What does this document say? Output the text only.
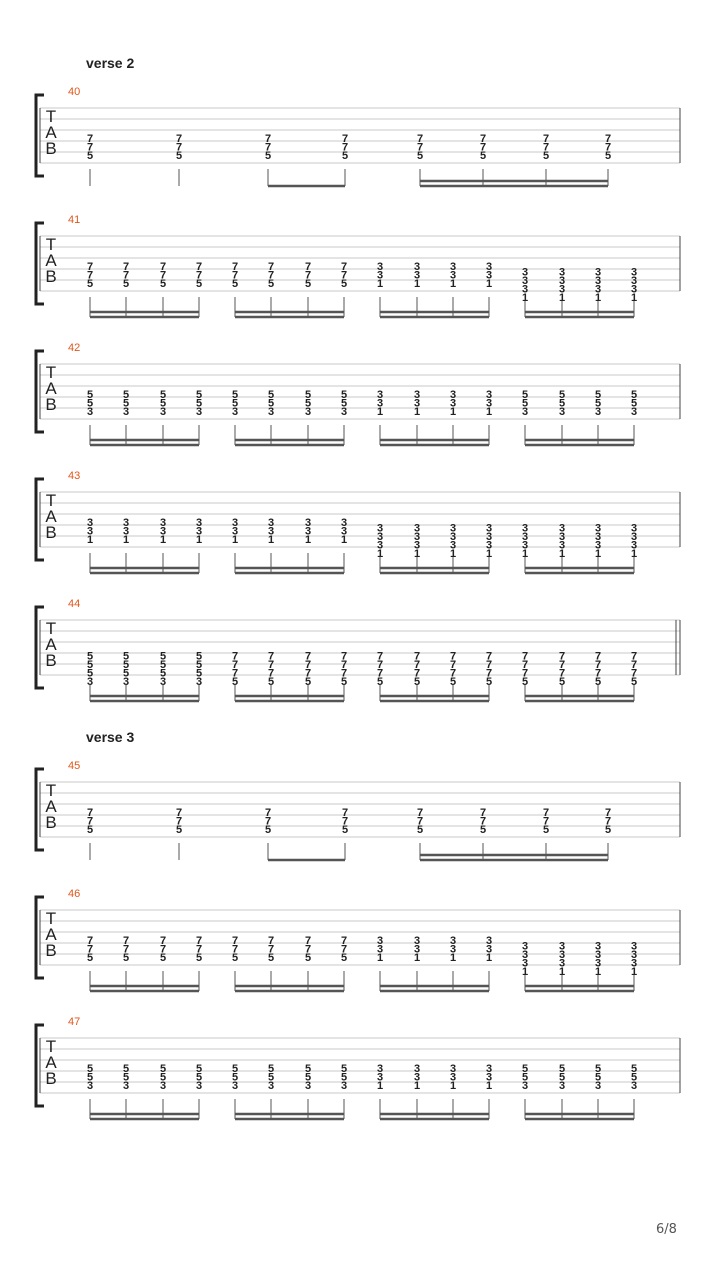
verse 2
verse 3
T
A
B
40
7
7
5
7
7
5
7
7
5
7
7
5
7
7
5
7
7
5
7
7
5
7
7
5
T
A
B
41
7
7
5
7
7
5
7
7
5
7
7
5
7
7
5
7
7
5
7
7
5
7
7
5
3
3
1
3
3
1
3
3
1
3
3
1
3
3
3
1
3
3
3
1
3
3
3
1
3
3
3
1
T
A
B
42
5
5
3
5
5
3
5
5
3
5
5
3
5
5
3
5
5
3
5
5
3
5
5
3
3
3
1
3
3
1
3
3
1
3
3
1
5
5
3
5
5
3
5
5
3
5
5
3
T
A
B
43
3
3
1
3
3
1
3
3
1
3
3
1
3
3
1
3
3
1
3
3
1
3
3
1
3
3
3
1
3
3
3
1
3
3
3
1
3
3
3
1
3
3
3
1
3
3
3
1
3
3
3
1
3
3
3
1
T
A
B
44
5
5
5
3
5
5
5
3
5
5
5
3
5
5
5
3
7
7
7
5
7
7
7
5
7
7
7
5
7
7
7
5
7
7
7
5
7
7
7
5
7
7
7
5
7
7
7
5
7
7
7
5
7
7
7
5
7
7
7
5
7
7
7
5
T
A
B
45
7
7
5
7
7
5
7
7
5
7
7
5
7
7
5
7
7
5
7
7
5
7
7
5
T
A
B
46
7
7
5
7
7
5
7
7
5
7
7
5
7
7
5
7
7
5
7
7
5
7
7
5
3
3
1
3
3
1
3
3
1
3
3
1
3
3
3
1
3
3
3
1
3
3
3
1
3
3
3
1
T
A
B
47
5
5
3
5
5
3
5
5
3
5
5
3
5
5
3
5
5
3
5
5
3
5
5
3
3
3
1
3
3
1
3
3
1
3
3
1
5
5
3
5
5
3
5
5
3
5
5
3
6/8
